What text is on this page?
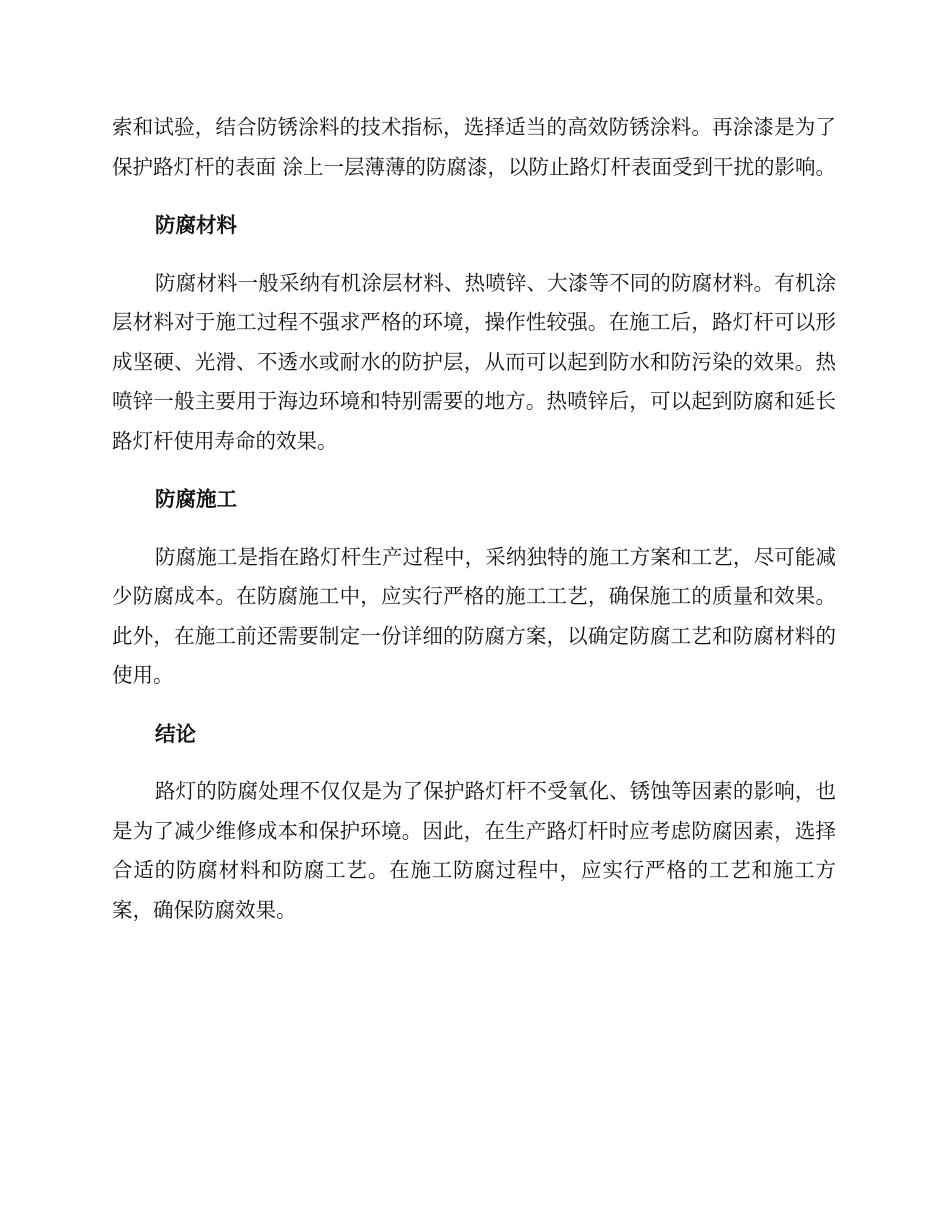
索和试验，结合防锈涂料的技术指标，选择适当的高效防锈涂料。再涂漆是为了保护路灯杆的表面 涂上一层薄薄的防腐漆，以防止路灯杆表面受到干扰的影响。

防腐材料

防腐材料一般采纳有机涂层材料、热喷锌、大漆等不同的防腐材料。有机涂层材料对于施工过程不强求严格的环境，操作性较强。在施工后，路灯杆可以形成坚硬、光滑、不透水或耐水的防护层，从而可以起到防水和防污染的效果。热喷锌一般主要用于海边环境和特别需要的地方。热喷锌后，可以起到防腐和延长路灯杆使用寿命的效果。

防腐施工

防腐施工是指在路灯杆生产过程中，采纳独特的施工方案和工艺，尽可能减少防腐成本。在防腐施工中，应实行严格的施工工艺，确保施工的质量和效果。此外，在施工前还需要制定一份详细的防腐方案，以确定防腐工艺和防腐材料的使用。

结论

路灯的防腐处理不仅仅是为了保护路灯杆不受氧化、锈蚀等因素的影响，也是为了减少维修成本和保护环境。因此，在生产路灯杆时应考虑防腐因素，选择合适的防腐材料和防腐工艺。在施工防腐过程中，应实行严格的工艺和施工方案，确保防腐效果。
